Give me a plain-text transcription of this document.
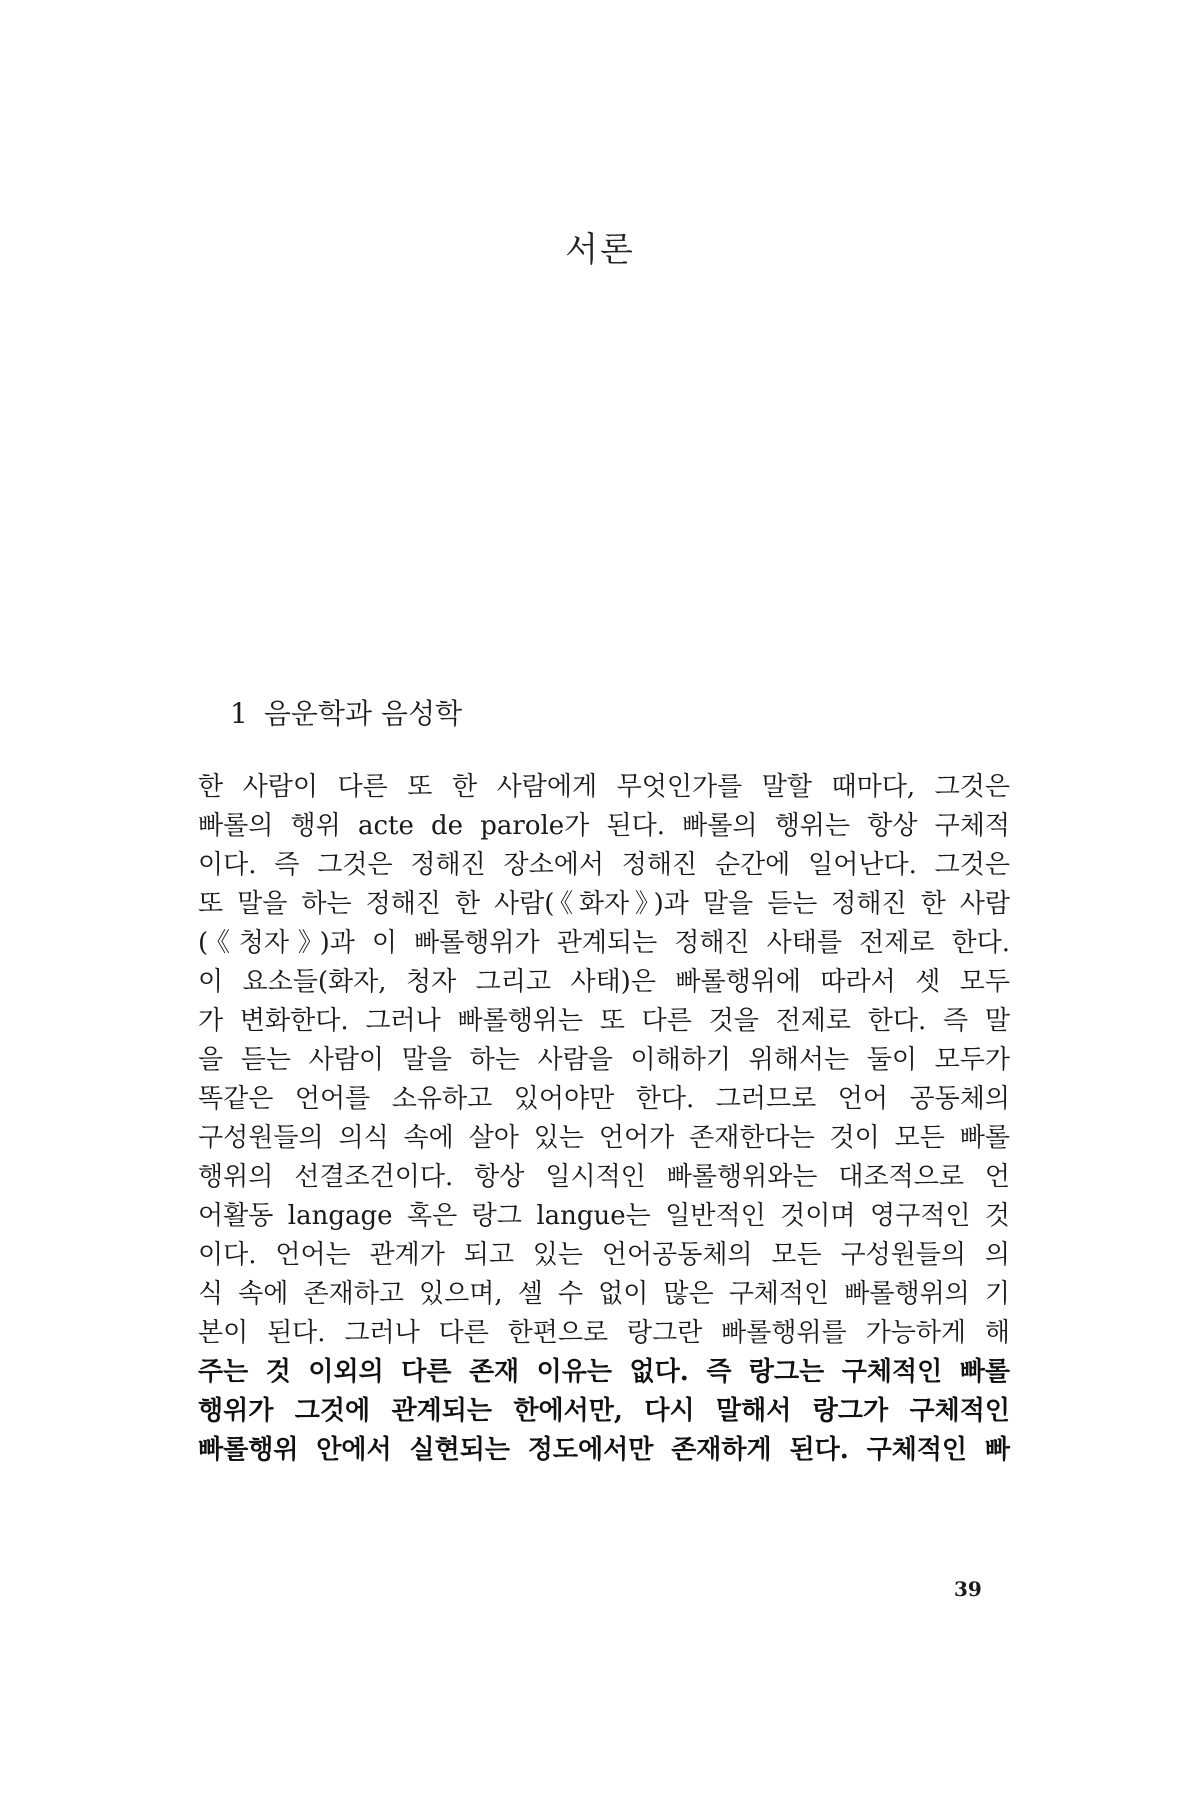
서론
1 음운학과 음성학
한 사람이 다른 또 한 사람에게 무엇인가를 말할 때마다, 그것은
빠롤의 행위 acte de parole가 된다. 빠롤의 행위는 항상 구체적
이다. 즉 그것은 정해진 장소에서 정해진 순간에 일어난다. 그것은
또 말을 하는 정해진 한 사람(《화자》)과 말을 듣는 정해진 한 사람
(《청자》)과 이 빠롤행위가 관계되는 정해진 사태를 전제로 한다.
이 요소들(화자, 청자 그리고 사태)은 빠롤행위에 따라서 셋 모두
가 변화한다. 그러나 빠롤행위는 또 다른 것을 전제로 한다. 즉 말
을 듣는 사람이 말을 하는 사람을 이해하기 위해서는 둘이 모두가
똑같은 언어를 소유하고 있어야만 한다. 그러므로 언어 공동체의
구성원들의 의식 속에 살아 있는 언어가 존재한다는 것이 모든 빠롤
행위의 선결조건이다. 항상 일시적인 빠롤행위와는 대조적으로 언
어활동 langage 혹은 랑그 langue는 일반적인 것이며 영구적인 것
이다. 언어는 관계가 되고 있는 언어공동체의 모든 구성원들의 의
식 속에 존재하고 있으며, 셀 수 없이 많은 구체적인 빠롤행위의 기
본이 된다. 그러나 다른 한편으로 랑그란 빠롤행위를 가능하게 해
주는 것 이외의 다른 존재 이유는 없다. 즉 랑그는 구체적인 빠롤
행위가 그것에 관계되는 한에서만, 다시 말해서 랑그가 구체적인
빠롤행위 안에서 실현되는 정도에서만 존재하게 된다. 구체적인 빠
39
